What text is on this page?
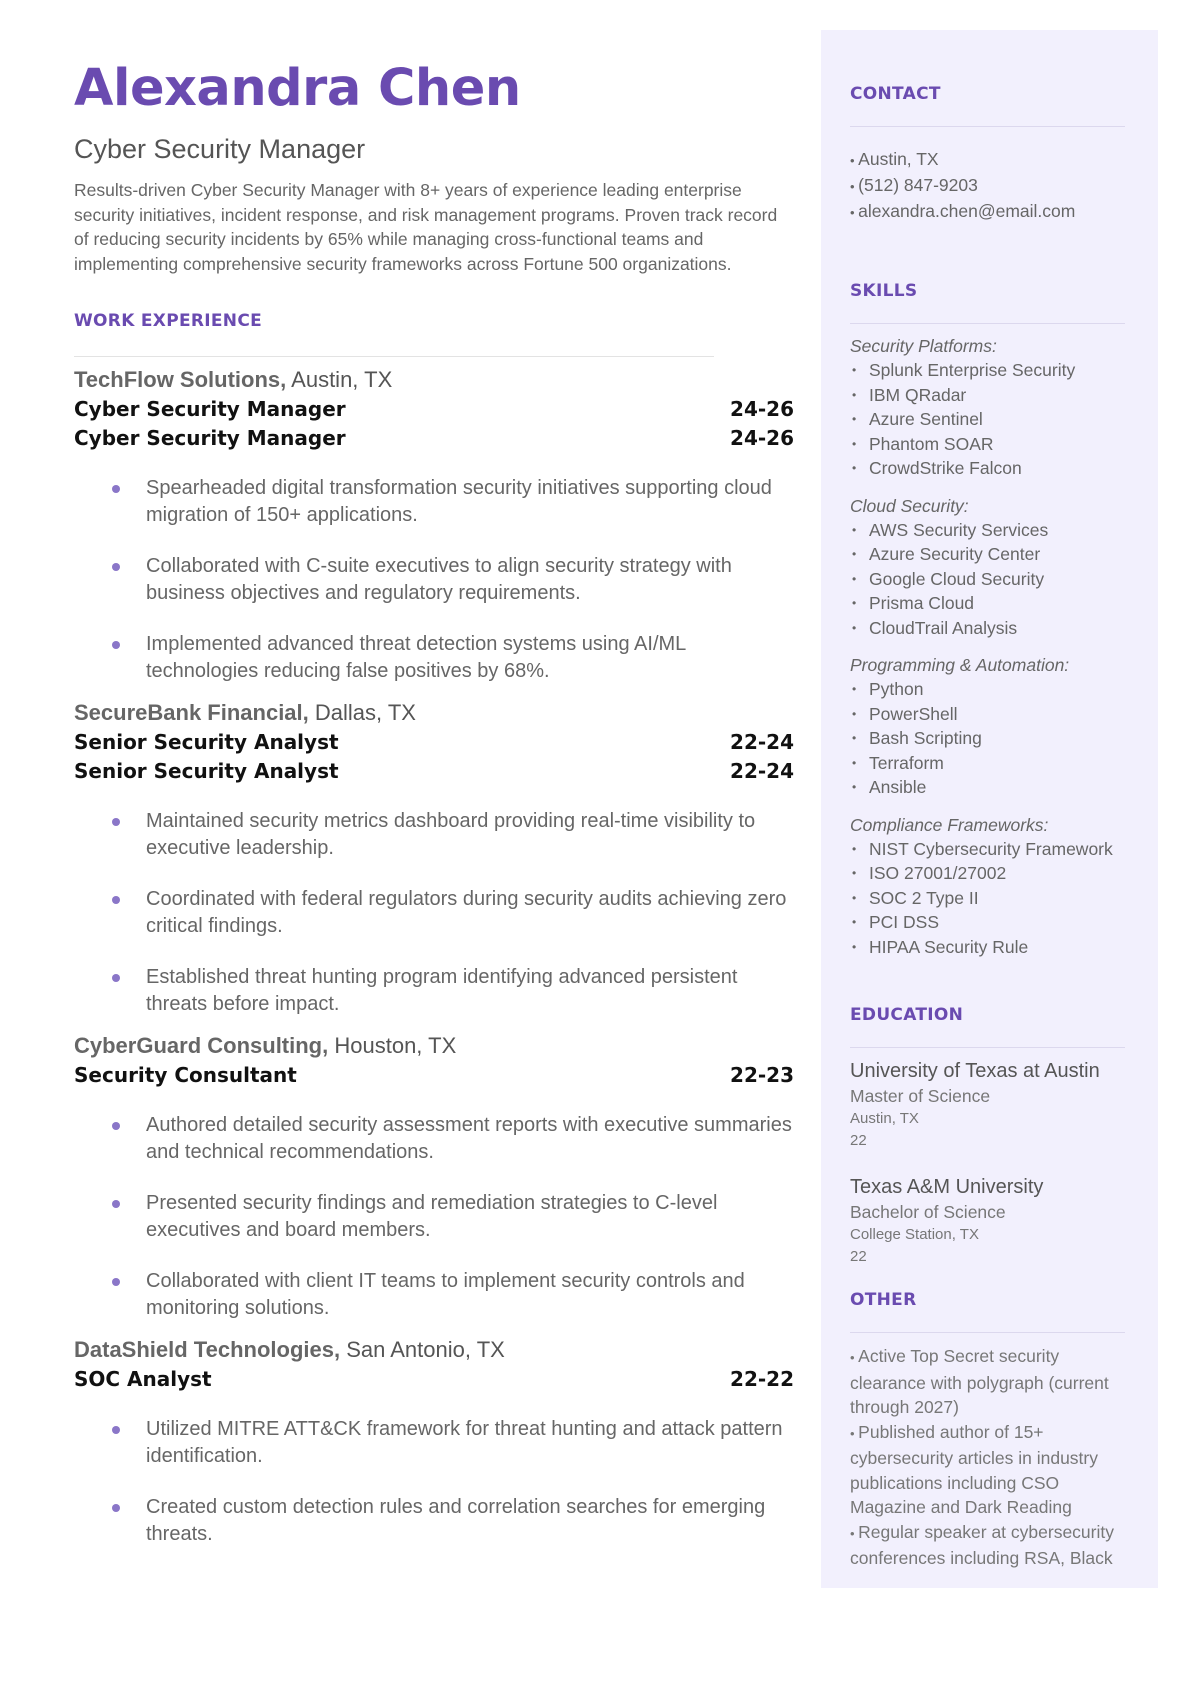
Alexandra Chen
Cyber Security Manager

Results-driven Cyber Security Manager with 8+ years of experience leading enterprise security initiatives, incident response, and risk management programs. Proven track record of reducing security incidents by 65% while managing cross-functional teams and implementing comprehensive security frameworks across Fortune 500 organizations.

WORK EXPERIENCE
TechFlow Solutions, Austin, TX
Cyber Security Manager	24-26
Cyber Security Manager	24-26
Spearheaded digital transformation security initiatives supporting cloud migration of 150+ applications.
Collaborated with C-suite executives to align security strategy with business objectives and regulatory requirements.
Implemented advanced threat detection systems using AI/ML technologies reducing false positives by 68%.
SecureBank Financial, Dallas, TX
Senior Security Analyst	22-24
Senior Security Analyst	22-24
Maintained security metrics dashboard providing real-time visibility to executive leadership.
Coordinated with federal regulators during security audits achieving zero critical findings.
Established threat hunting program identifying advanced persistent threats before impact.
CyberGuard Consulting, Houston, TX
Security Consultant	22-23
Authored detailed security assessment reports with executive summaries and technical recommendations.
Presented security findings and remediation strategies to C-level executives and board members.
Collaborated with client IT teams to implement security controls and monitoring solutions.
DataShield Technologies, San Antonio, TX
SOC Analyst	22-22
Utilized MITRE ATT&CK framework for threat hunting and attack pattern identification.
Created custom detection rules and correlation searches for emerging threats.
CONTACT
• Austin, TX
• (512) 847-9203
• alexandra.chen@email.com
SKILLS
Security Platforms:
• Splunk Enterprise Security
• IBM QRadar
• Azure Sentinel
• Phantom SOAR
• CrowdStrike Falcon
Cloud Security:
• AWS Security Services
• Azure Security Center
• Google Cloud Security
• Prisma Cloud
• CloudTrail Analysis
Programming & Automation:
• Python
• PowerShell
• Bash Scripting
• Terraform
• Ansible
Compliance Frameworks:
• NIST Cybersecurity Framework
• ISO 27001/27002
• SOC 2 Type II
• PCI DSS
• HIPAA Security Rule
EDUCATION
University of Texas at Austin
Master of Science
Austin, TX
22
Texas A&M University
Bachelor of Science
College Station, TX
22
OTHER
• Active Top Secret security clearance with polygraph (current through 2027)
• Published author of 15+ cybersecurity articles in industry publications including CSO Magazine and Dark Reading
• Regular speaker at cybersecurity conferences including RSA, Black
